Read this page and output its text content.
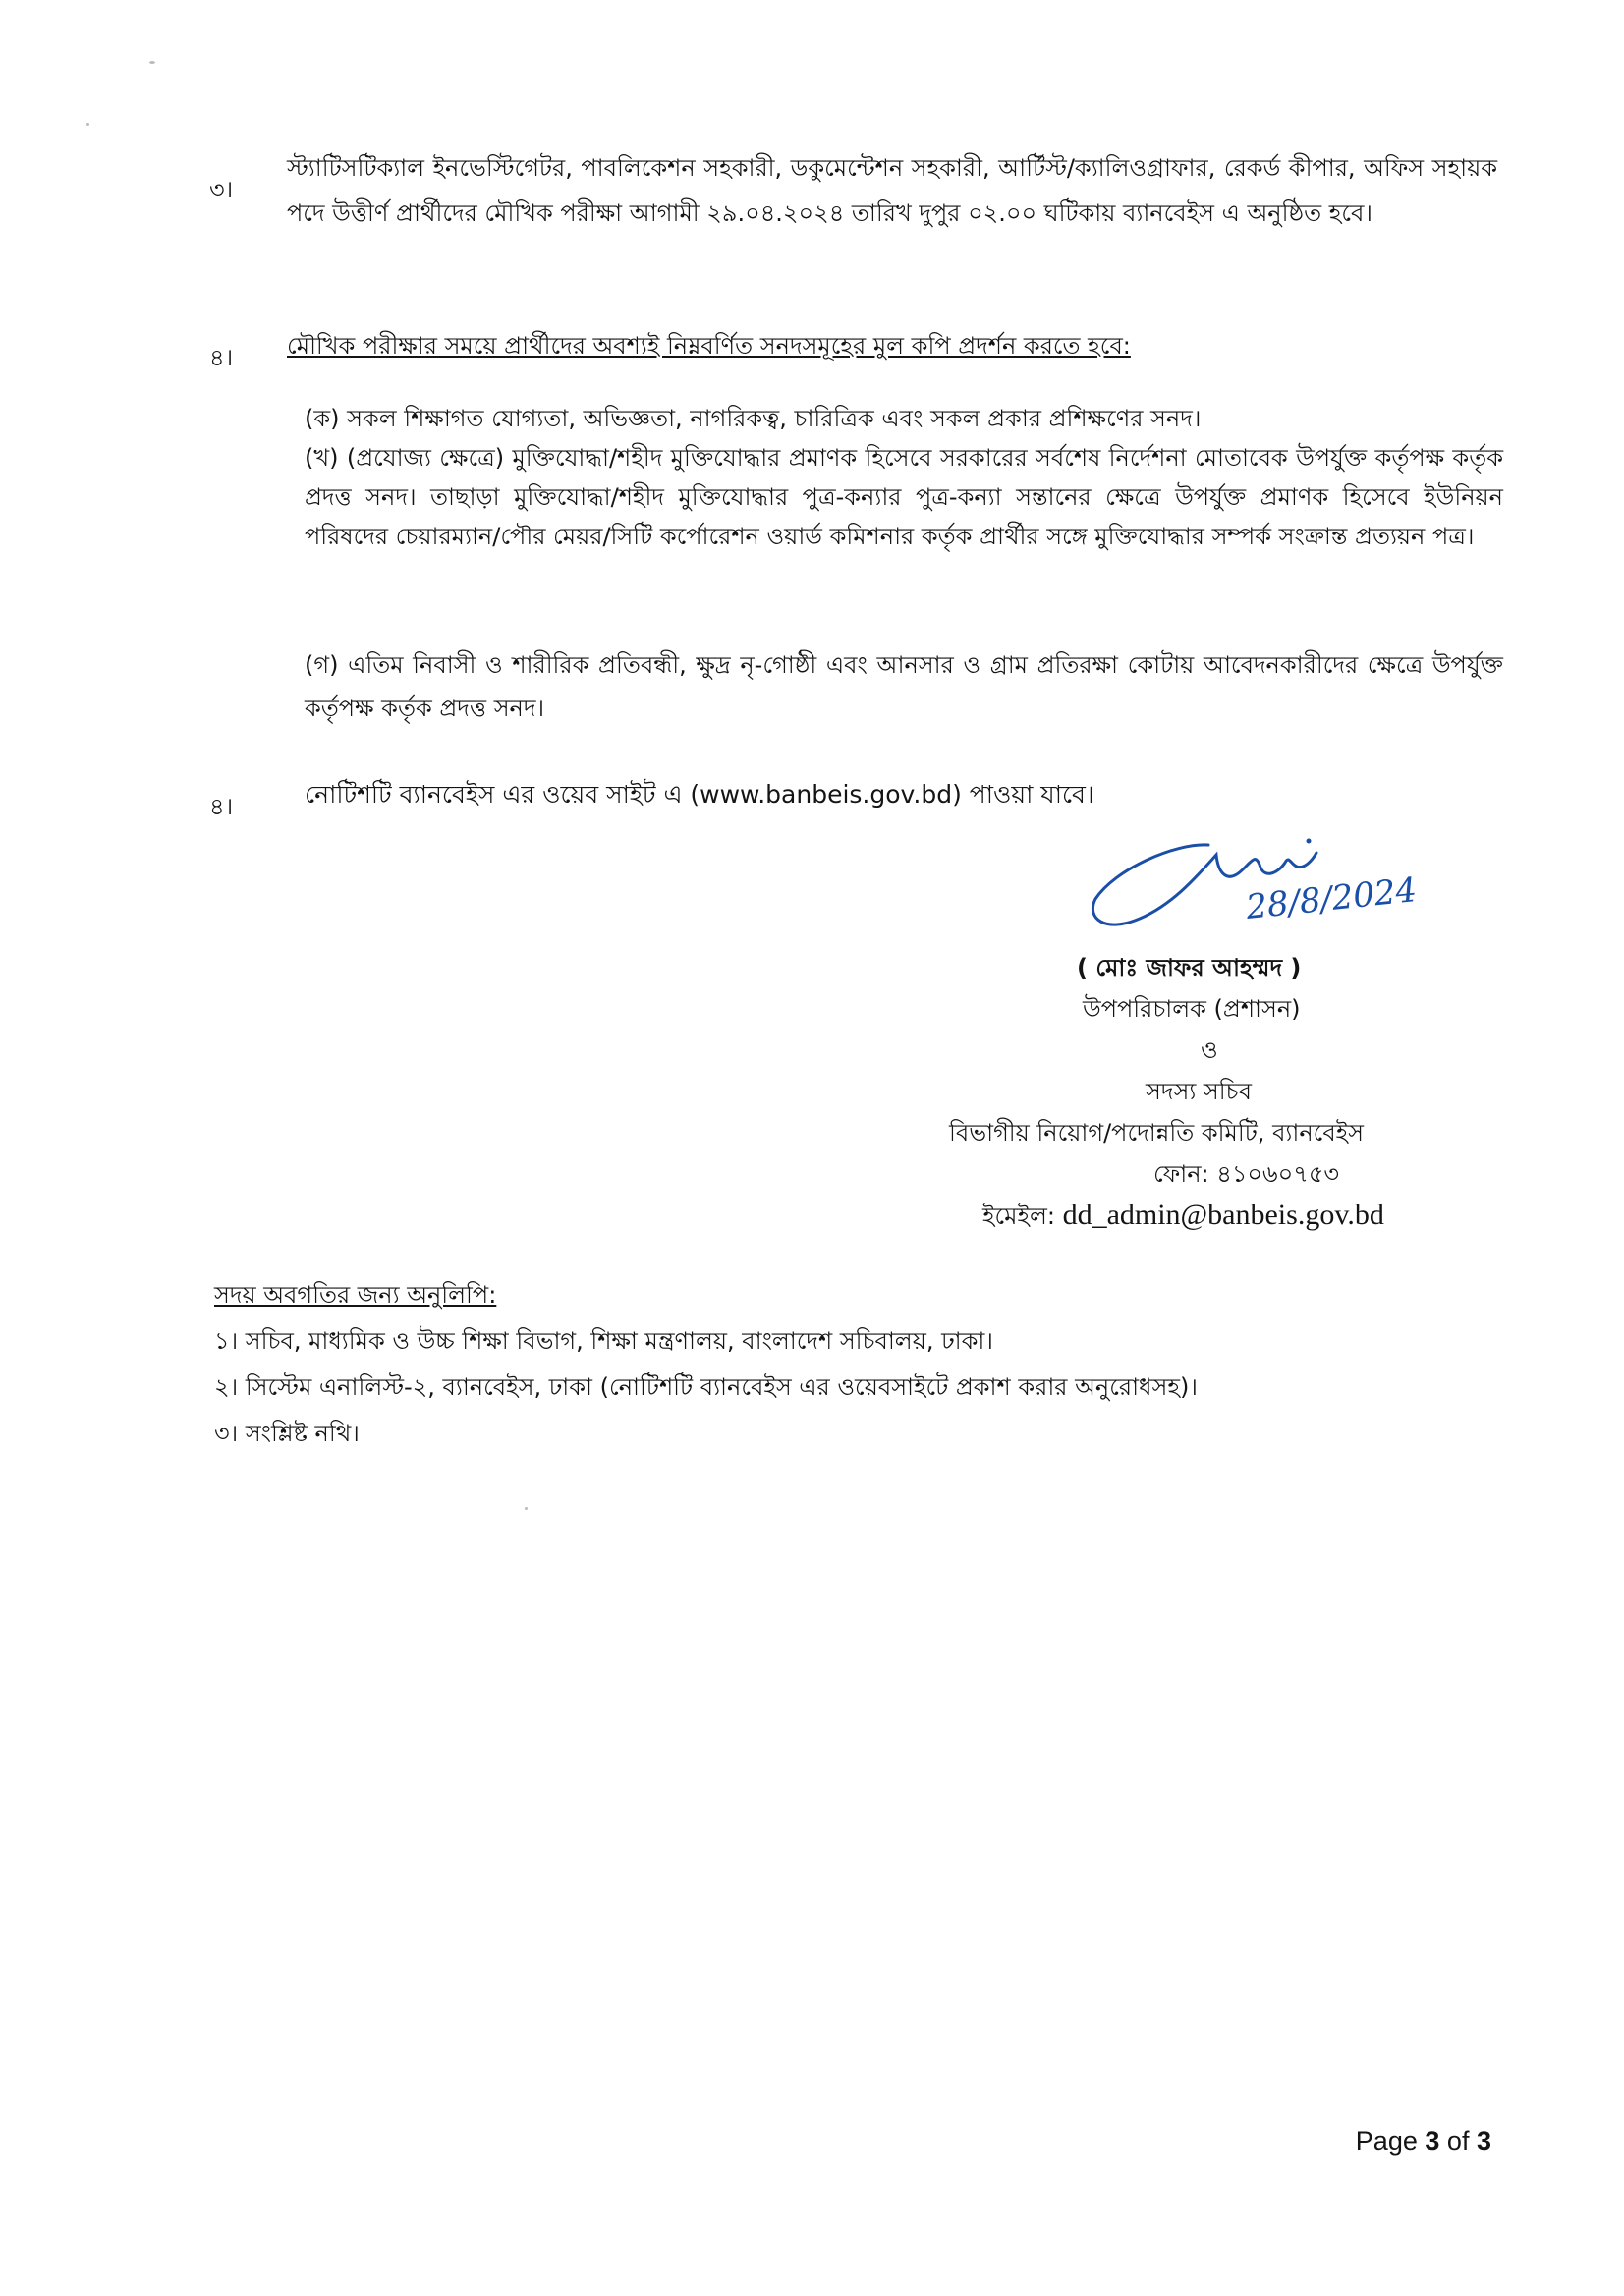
৩।
স্ট্যাটিসটিক্যাল ইনভেস্টিগেটর, পাবলিকেশন সহকারী, ডকুমেন্টেশন সহকারী, আর্টিস্ট/ক্যালিওগ্রাফার, রেকর্ড কীপার, অফিস সহায়ক পদে উত্তীর্ণ প্রার্থীদের মৌখিক পরীক্ষা আগামী ২৯.০৪.২০২৪ তারিখ দুপুর ০২.০০ ঘটিকায় ব্যানবেইস এ অনুষ্ঠিত হবে।
৪। মৌখিক পরীক্ষার সময়ে প্রার্থীদের অবশ্যই নিম্নবর্ণিত সনদসমূহের মুল কপি প্রদর্শন করতে হবে:
(ক) সকল শিক্ষাগত যোগ্যতা, অভিজ্ঞতা, নাগরিকত্ব, চারিত্রিক এবং সকল প্রকার প্রশিক্ষণের সনদ।
(খ) (প্রযোজ্য ক্ষেত্রে) মুক্তিযোদ্ধা/শহীদ মুক্তিযোদ্ধার প্রমাণক হিসেবে সরকারের সর্বশেষ নির্দেশনা মোতাবেক উপর্যুক্ত কর্তৃপক্ষ কর্তৃক প্রদত্ত সনদ। তাছাড়া মুক্তিযোদ্ধা/শহীদ মুক্তিযোদ্ধার পুত্র-কন্যার পুত্র-কন্যা সন্তানের ক্ষেত্রে উপর্যুক্ত প্রমাণক হিসেবে ইউনিয়ন পরিষদের চেয়ারম্যান/পৌর মেয়র/সিটি কর্পোরেশন ওয়ার্ড কমিশনার কর্তৃক প্রার্থীর সঙ্গে মুক্তিযোদ্ধার সম্পর্ক সংক্রান্ত প্রত্যয়ন পত্র।
(গ) এতিম নিবাসী ও শারীরিক প্রতিবন্ধী, ক্ষুদ্র নৃ-গোষ্ঠী এবং আনসার ও গ্রাম প্রতিরক্ষা কোটায় আবেদনকারীদের ক্ষেত্রে উপর্যুক্ত কর্তৃপক্ষ কর্তৃক প্রদত্ত সনদ।
৪।	নোটিশটি ব্যানবেইস এর ওয়েব সাইট এ (www.banbeis.gov.bd) পাওয়া যাবে।
28/8/2024
( মোঃ জাফর আহম্মদ )
উপপরিচালক (প্রশাসন)
ও
সদস্য সচিব
বিভাগীয় নিয়োগ/পদোন্নতি কমিটি, ব্যানবেইস
ফোন: ৪১০৬০৭৫৩
ইমেইল: dd_admin@banbeis.gov.bd
সদয় অবগতির জন্য অনুলিপি:
১। সচিব, মাধ্যমিক ও উচ্চ শিক্ষা বিভাগ, শিক্ষা মন্ত্রণালয়, বাংলাদেশ সচিবালয়, ঢাকা।
২। সিস্টেম এনালিস্ট-২, ব্যানবেইস, ঢাকা (নোটিশটি ব্যানবেইস এর ওয়েবসাইটে প্রকাশ করার অনুরোধসহ)।
৩। সংশ্লিষ্ট নথি।
Page 3 of 3
